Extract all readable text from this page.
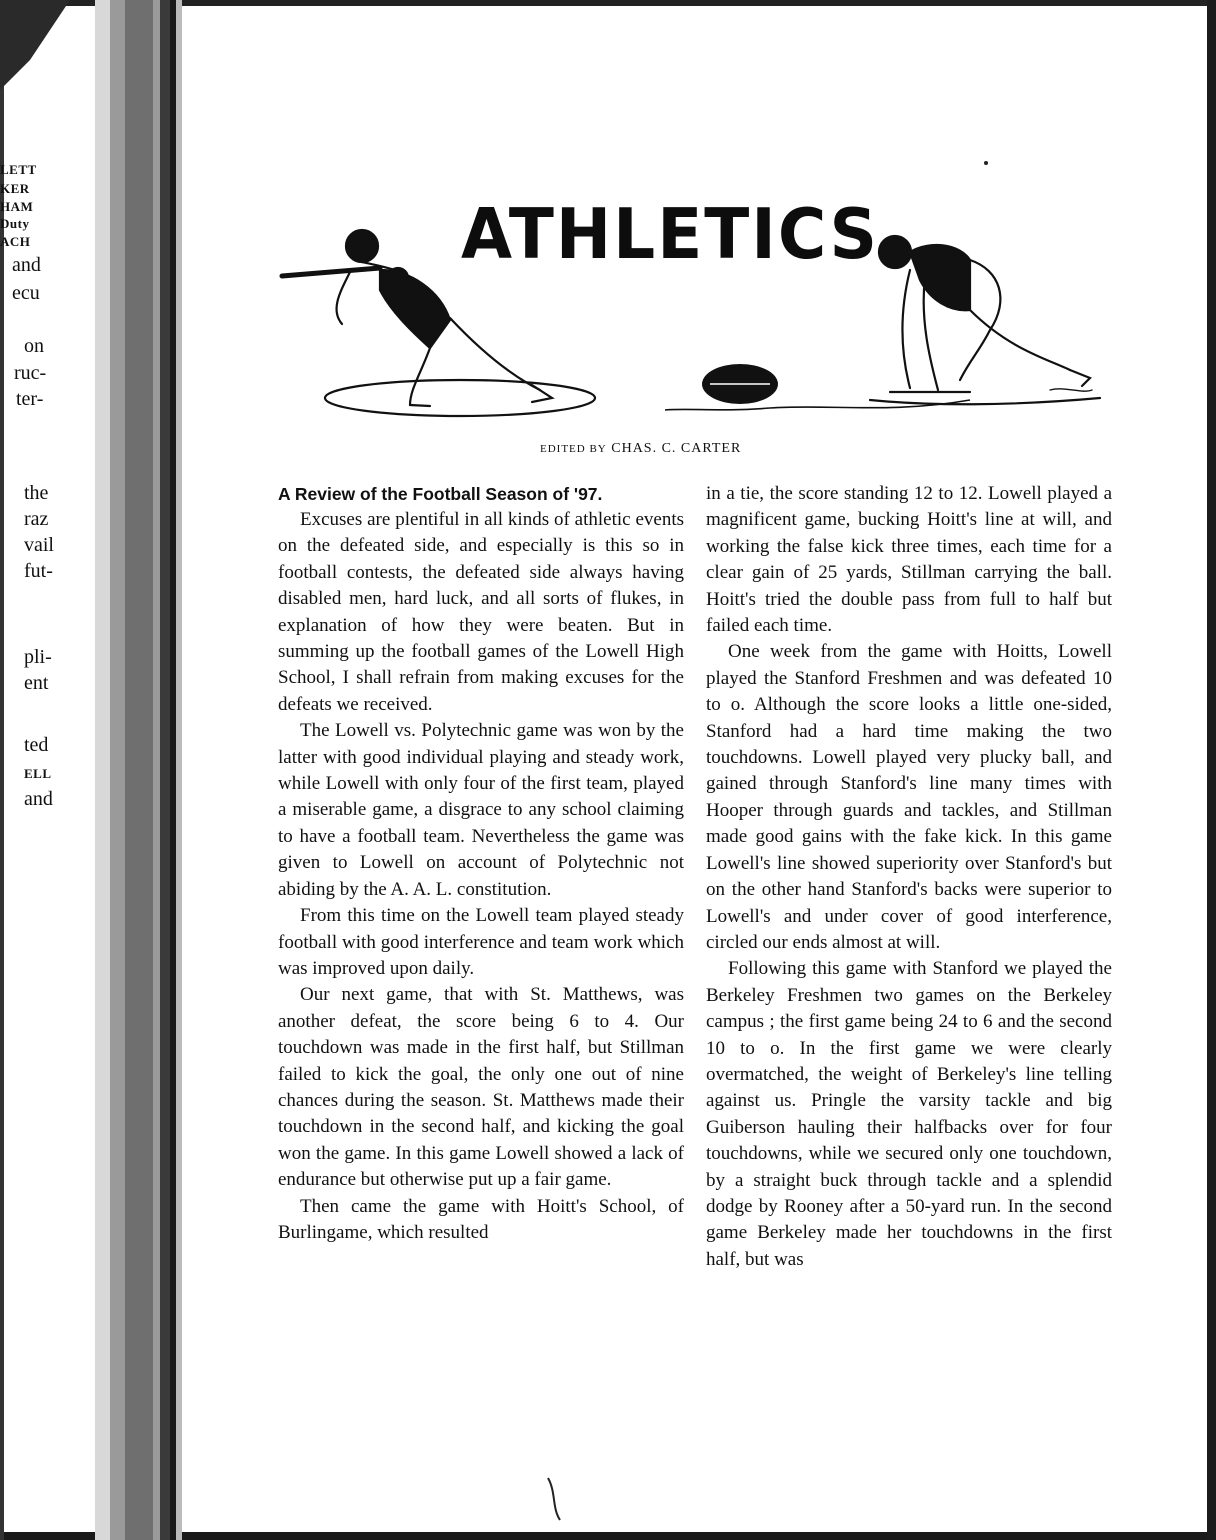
LETT
KER
HAM
Duty
ACH
and
ecu
on
ruc-
ter-
the
raz
vail
fut-
pli-
ent
ted
ELL
and
ATHLETICS
EDITED BY CHAS. C. CARTER
A Review of the Football Season of '97.

Excuses are plentiful in all kinds of athletic events on the defeated side, and especially is this so in football contests, the defeated side always having disabled men, hard luck, and all sorts of flukes, in explanation of how they were beaten. But in summing up the football games of the Lowell High School, I shall refrain from making excuses for the defeats we received.

The Lowell vs. Polytechnic game was won by the latter with good individual playing and steady work, while Lowell with only four of the first team, played a miserable game, a disgrace to any school claiming to have a football team. Nevertheless the game was given to Lowell on account of Polytechnic not abiding by the A. A. L. constitution.

From this time on the Lowell team played steady football with good interference and team work which was improved upon daily.

Our next game, that with St. Matthews, was another defeat, the score being 6 to 4. Our touchdown was made in the first half, but Stillman failed to kick the goal, the only one out of nine chances during the season. St. Matthews made their touchdown in the second half, and kicking the goal won the game. In this game Lowell showed a lack of endurance but otherwise put up a fair game.

Then came the game with Hoitt's School, of Burlingame, which resulted

in a tie, the score standing 12 to 12. Lowell played a magnificent game, bucking Hoitt's line at will, and working the false kick three times, each time for a clear gain of 25 yards, Stillman carrying the ball. Hoitt's tried the double pass from full to half but failed each time.

One week from the game with Hoitts, Lowell played the Stanford Freshmen and was defeated 10 to o. Although the score looks a little one-sided, Stanford had a hard time making the two touchdowns. Lowell played very plucky ball, and gained through Stanford's line many times with Hooper through guards and tackles, and Stillman made good gains with the fake kick. In this game Lowell's line showed superiority over Stanford's but on the other hand Stanford's backs were superior to Lowell's and under cover of good interference, circled our ends almost at will.

Following this game with Stanford we played the Berkeley Freshmen two games on the Berkeley campus ; the first game being 24 to 6 and the second 10 to o. In the first game we were clearly overmatched, the weight of Berkeley's line telling against us. Pringle the varsity tackle and big Guiberson hauling their halfbacks over for four touchdowns, while we secured only one touchdown, by a straight buck through tackle and a splendid dodge by Rooney after a 50-yard run. In the second game Berkeley made her touchdowns in the first half, but was
